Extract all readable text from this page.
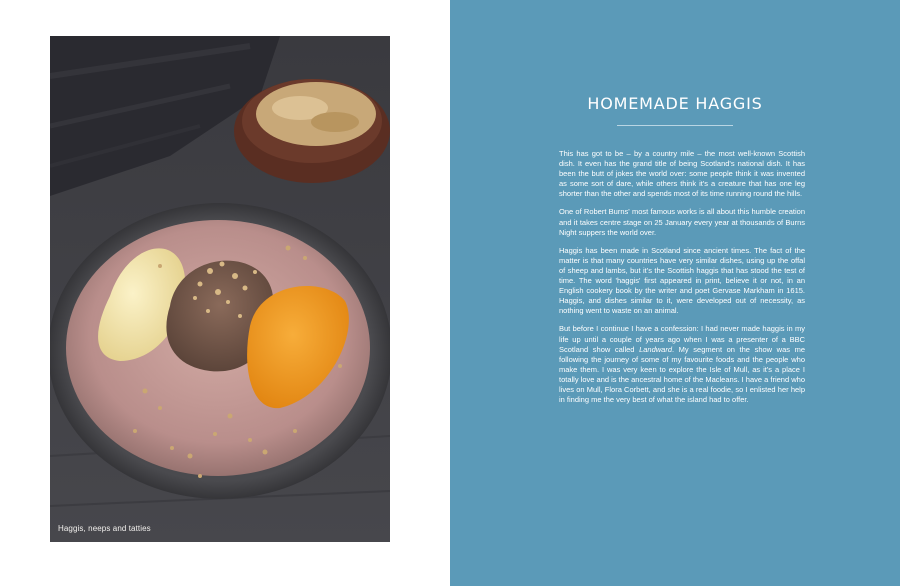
Haggis, neeps and tatties
HOMEMADE HAGGIS

This has got to be – by a country mile – the most well-known Scottish dish. It even has the grand title of being Scotland's national dish. It has been the butt of jokes the world over: some people think it was invented as some sort of dare, while others think it's a creature that has one leg shorter than the other and spends most of its time running round the hills.

One of Robert Burns' most famous works is all about this humble creation and it takes centre stage on 25 January every year at thousands of Burns Night suppers the world over.

Haggis has been made in Scotland since ancient times. The fact of the matter is that many countries have very similar dishes, using up the offal of sheep and lambs, but it's the Scottish haggis that has stood the test of time. The word 'haggis' first appeared in print, believe it or not, in an English cookery book by the writer and poet Gervase Markham in 1615. Haggis, and dishes similar to it, were developed out of necessity, as nothing went to waste on an animal.

But before I continue I have a confession: I had never made haggis in my life up until a couple of years ago when I was a presenter of a BBC Scotland show called Landward. My segment on the show was me following the journey of some of my favourite foods and the people who make them. I was very keen to explore the Isle of Mull, as it's a place I totally love and is the ancestral home of the Macleans. I have a friend who lives on Mull, Flora Corbett, and she is a real foodie, so I enlisted her help in finding me the very best of what the island had to offer.
